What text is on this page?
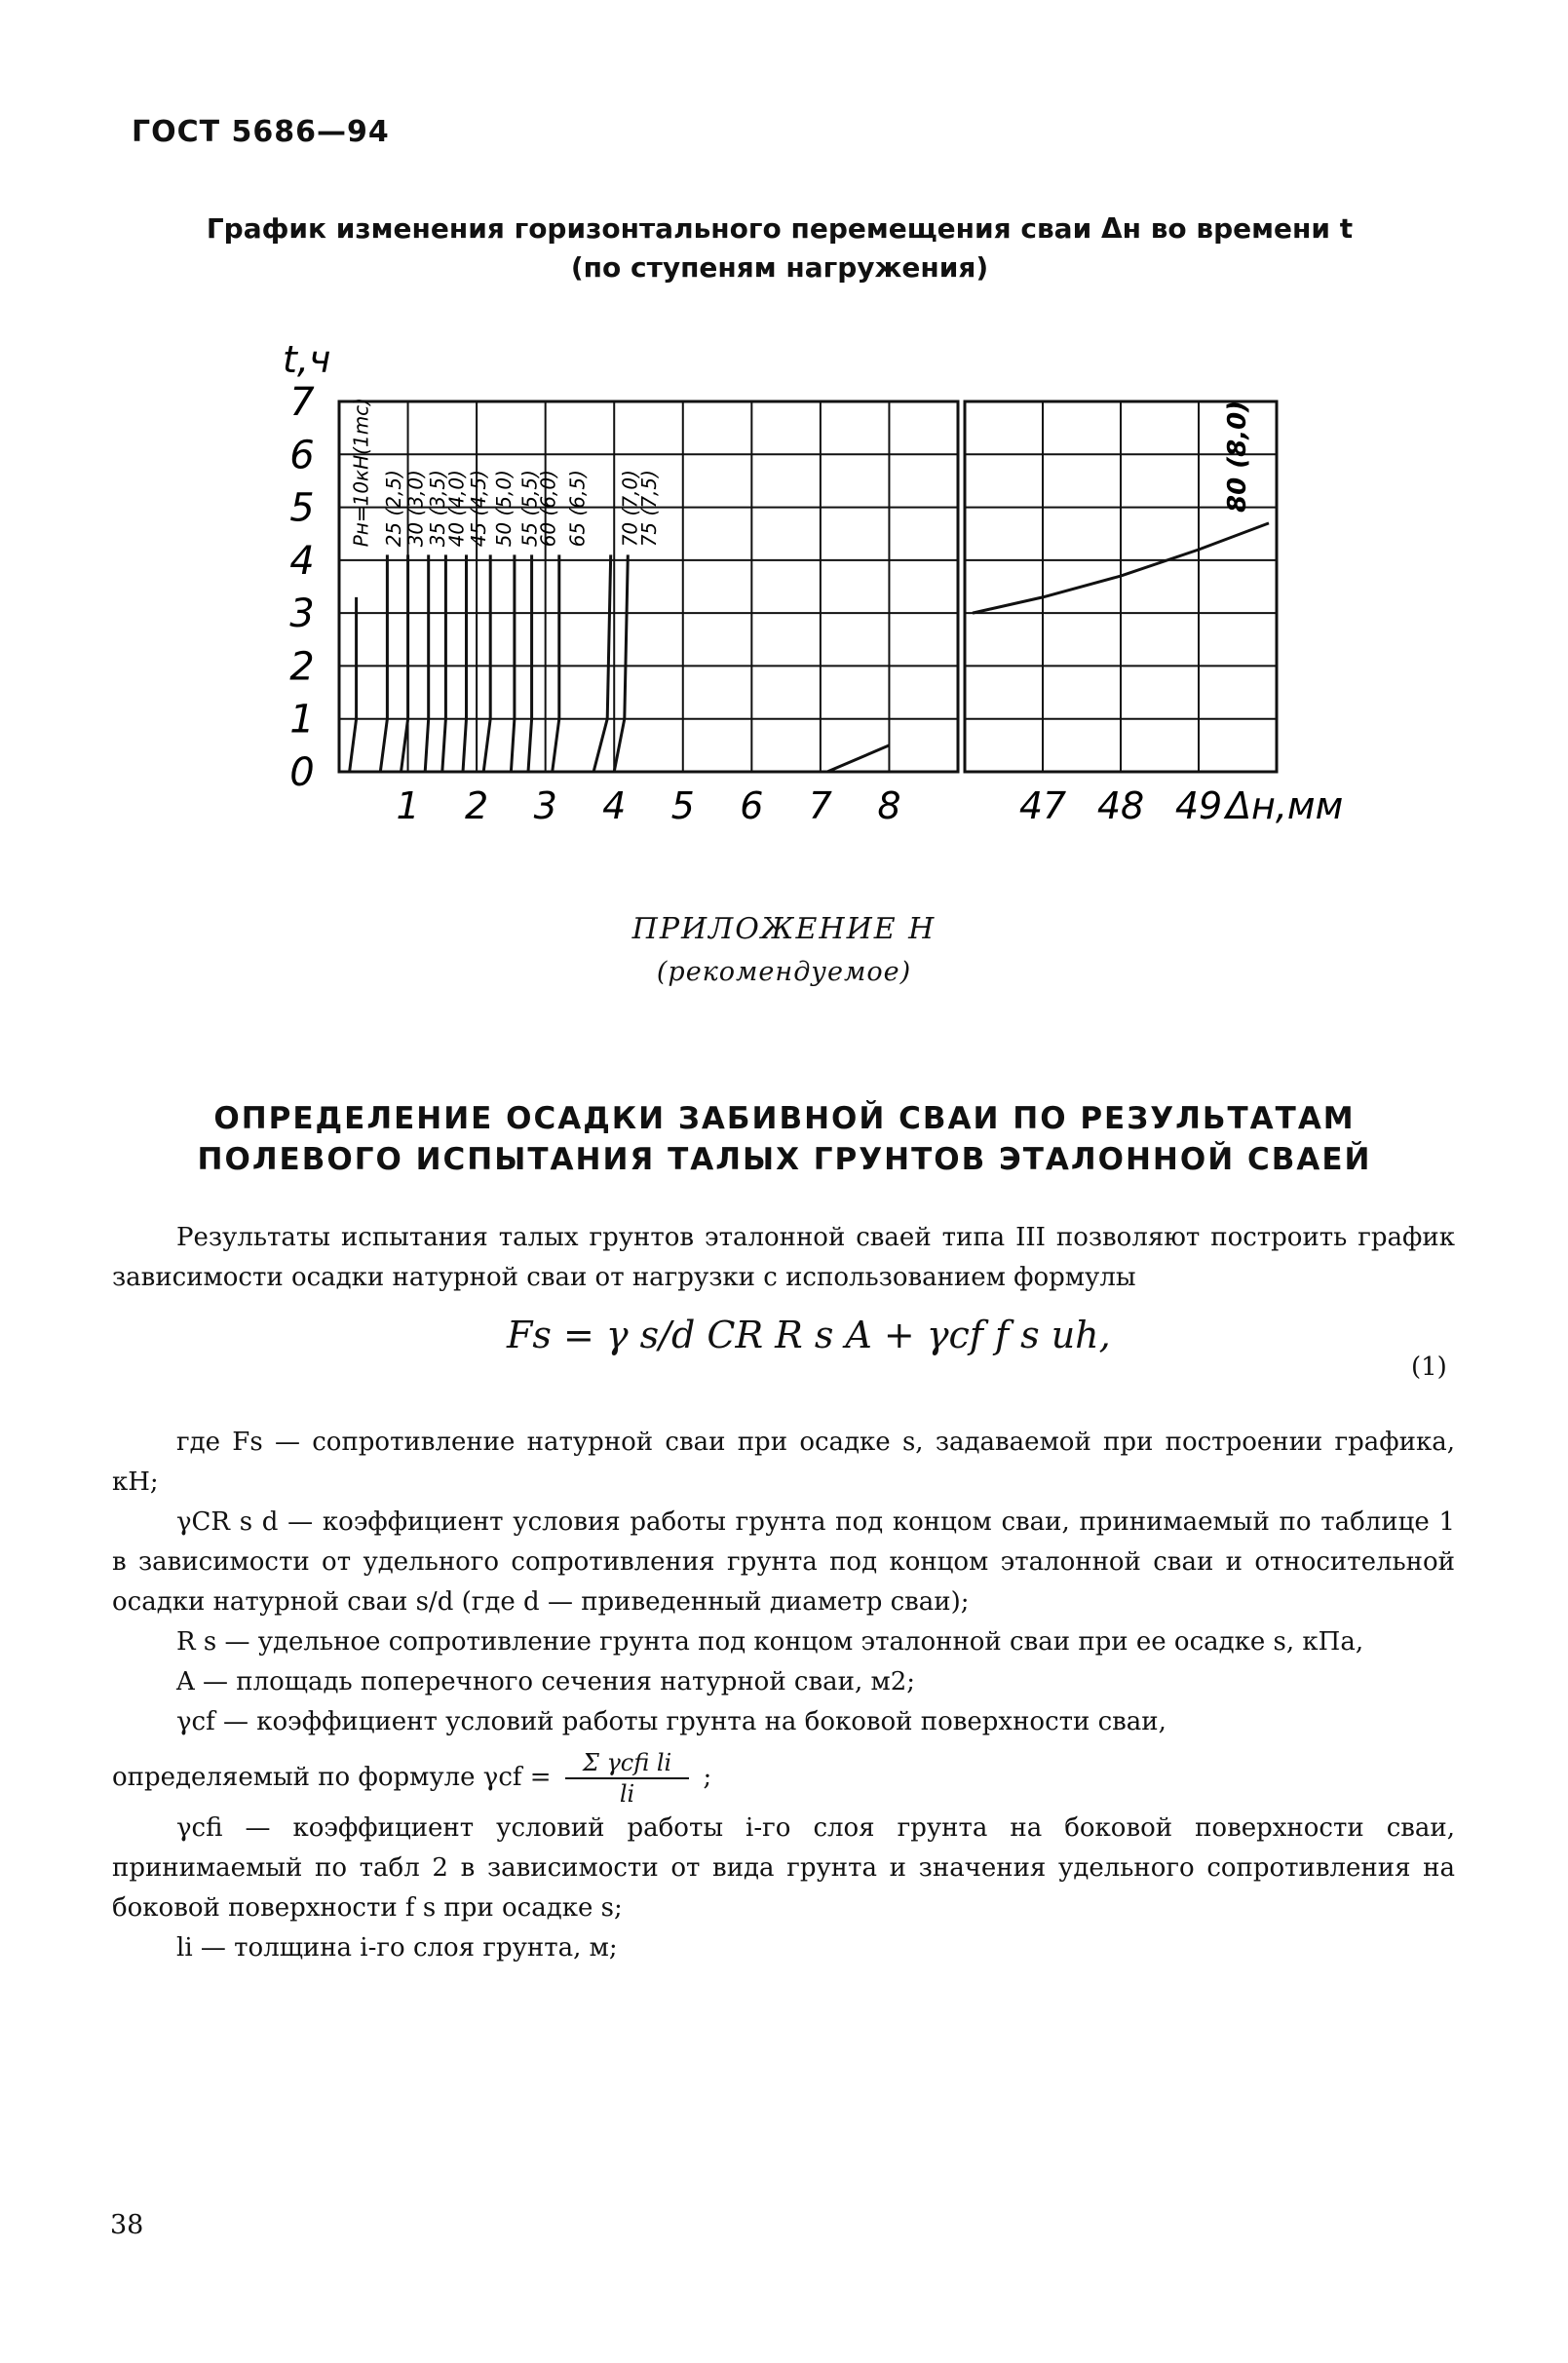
ГОСТ 5686—94
График изменения горизонтального перемещения сваи Δн во времени t
(по ступеням нагружения)
0
1
2
3
4
5
6
7
1 2 3 4 5 6 7 8	47 48 49
t,ч
Δн,мм
Pн=10кН(1mс) 25 (2,5)
30 (3,0)
35 (3,5)
40 (4,0)
45 (4,5) 50 (5,0) 55 (5,5)
60 (6,0) 65 (6,5) 70 (7,0)
75 (7,5)	80 (8,0)
ПРИЛОЖЕНИЕ Н
(рекомендуемое)
ОПРЕДЕЛЕНИЕ ОСАДКИ ЗАБИВНОЙ СВАИ ПО РЕЗУЛЬТАТАМ
ПОЛЕВОГО ИСПЫТАНИЯ ТАЛЫХ ГРУНТОВ ЭТАЛОННОЙ СВАЕЙ
Результаты испытания талых грунтов эталонной сваей типа III позволяют построить график зависимости осадки натурной сваи от нагрузки с использованием формулы
Fs = γ s/d CR R s A + γcf f s uh,
(1)
где Fs — сопротивление натурной сваи при осадке s, задаваемой при построении графика, кН;
γCR s d — коэффициент условия работы грунта под концом сваи, принимаемый по таблице 1 в зависимости от удельного сопротивления грунта под концом эталонной сваи и относительной осадки натурной сваи s/d (где d — приведенный диаметр сваи);
R s — удельное сопротивление грунта под концом эталонной сваи при ее осадке s, кПа,
A — площадь поперечного сечения натурной сваи, м2;
γcf — коэффициент условий работы грунта на боковой поверхности сваи,
определяемый по формуле $\gamma cf = \frac{\text{Σ γcfi li}}{li}$ ;
γcfi — коэффициент условий работы i-го слоя грунта на боковой поверхности сваи, принимаемый по табл 2 в зависимости от вида грунта и значения удельного сопротивления на боковой поверхности f s при осадке s;
li — толщина i-го слоя грунта, м;
38
